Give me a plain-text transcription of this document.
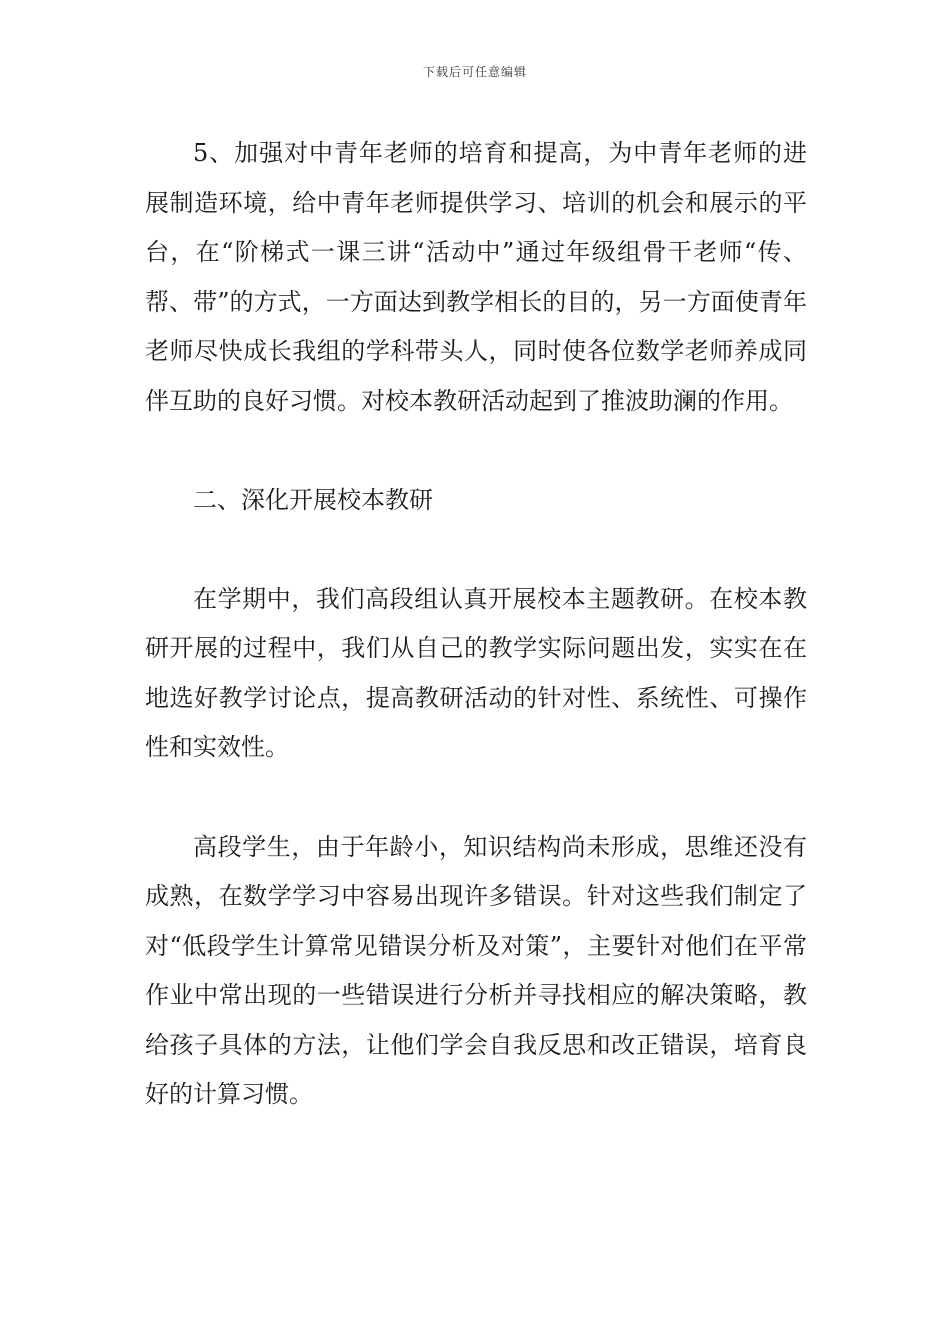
下载后可任意编辑

5、加强对中青年老师的培育和提高，为中青年老师的进展制造环境，给中青年老师提供学习、培训的机会和展示的平台，在“阶梯式一课三讲“活动中”通过年级组骨干老师“传、帮、带”的方式，一方面达到教学相长的目的，另一方面使青年老师尽快成长我组的学科带头人，同时使各位数学老师养成同伴互助的良好习惯。对校本教研活动起到了推波助澜的作用。

二、深化开展校本教研

在学期中，我们高段组认真开展校本主题教研。在校本教研开展的过程中，我们从自己的教学实际问题出发，实实在在地选好教学讨论点，提高教研活动的针对性、系统性、可操作性和实效性。

高段学生，由于年龄小，知识结构尚未形成，思维还没有成熟，在数学学习中容易出现许多错误。针对这些我们制定了对“低段学生计算常见错误分析及对策”，主要针对他们在平常作业中常出现的一些错误进行分析并寻找相应的解决策略，教给孩子具体的方法，让他们学会自我反思和改正错误，培育良好的计算习惯。
